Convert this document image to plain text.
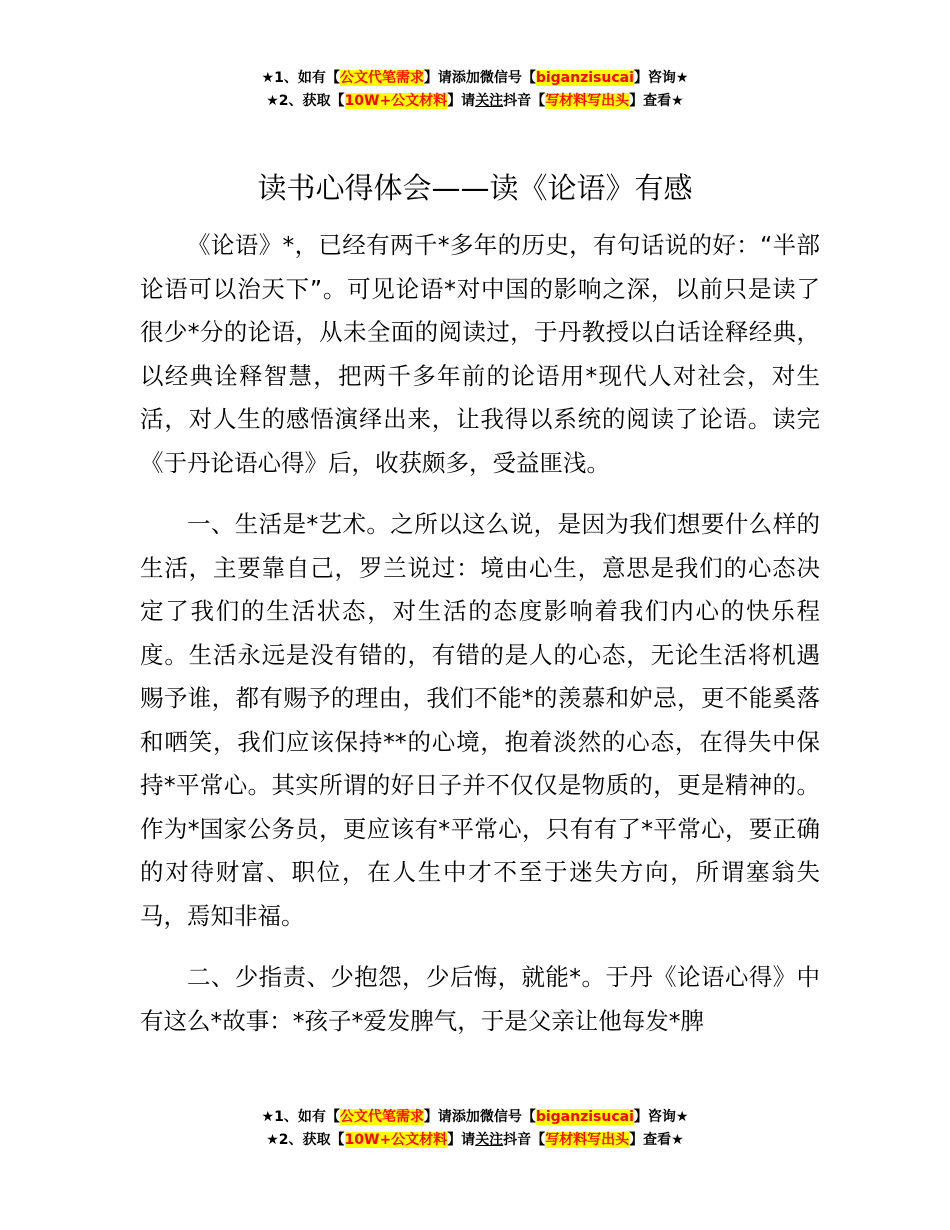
★1、如有【公文代笔需求】请添加微信号【biganzisucai】咨询★
★2、获取【10W+公文材料】请关注抖音【写材料写出头】查看★
读书心得体会——读《论语》有感

《论语》*，已经有两千*多年的历史，有句话说的好：“半部论语可以治天下”。可见论语*对中国的影响之深，以前只是读了很少*分的论语，从未全面的阅读过，于丹教授以白话诠释经典，以经典诠释智慧，把两千多年前的论语用*现代人对社会，对生活，对人生的感悟演绎出来，让我得以系统的阅读了论语。读完《于丹论语心得》后，收获颇多，受益匪浅。

一、生活是*艺术。之所以这么说，是因为我们想要什么样的生活，主要靠自己，罗兰说过：境由心生，意思是我们的心态决定了我们的生活状态，对生活的态度影响着我们内心的快乐程度。生活永远是没有错的，有错的是人的心态，无论生活将机遇赐予谁，都有赐予的理由，我们不能*的羡慕和妒忌，更不能奚落和哂笑，我们应该保持**的心境，抱着淡然的心态，在得失中保持*平常心。其实所谓的好日子并不仅仅是物质的，更是精神的。作为*国家公务员，更应该有*平常心，只有有了*平常心，要正确的对待财富、职位，在人生中才不至于迷失方向，所谓塞翁失马，焉知非福。

二、少指责、少抱怨，少后悔，就能*。于丹《论语心得》中有这么*故事：*孩子*爱发脾气，于是父亲让他每发*脾

★1、如有【公文代笔需求】请添加微信号【biganzisucai】咨询★
★2、获取【10W+公文材料】请关注抖音【写材料写出头】查看★
